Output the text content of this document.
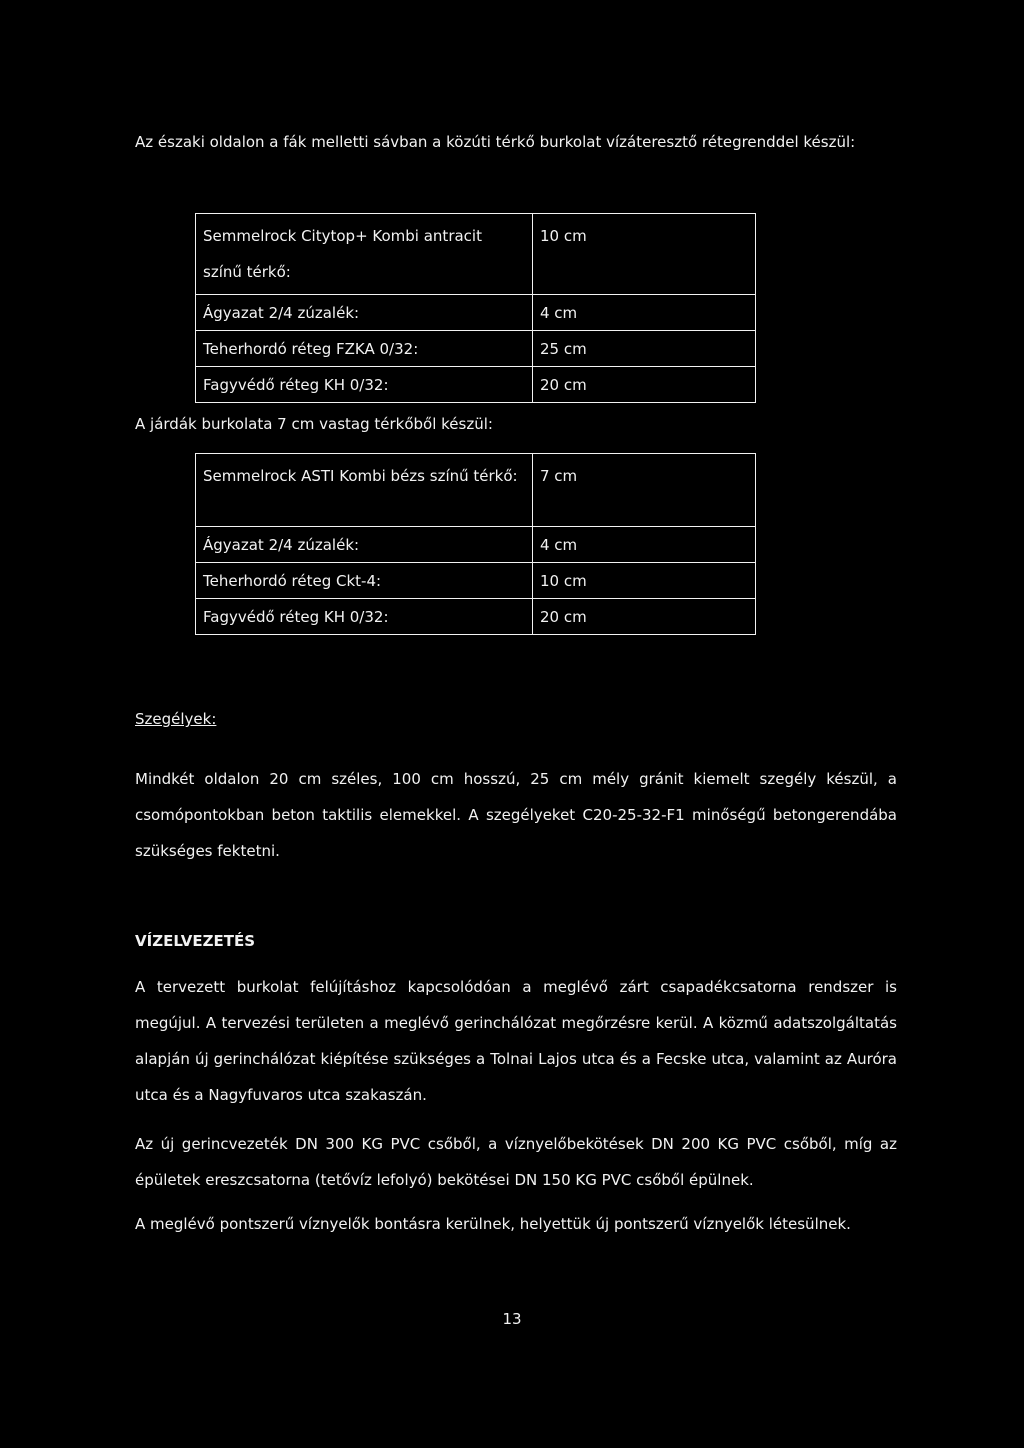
Az északi oldalon a fák melletti sávban a közúti térkő burkolat vízáteresztő rétegrenddel készül:

Semmelrock Citytop+ Kombi antracit színű térkő:	10 cm
Ágyazat 2/4 zúzalék:	4 cm
Teherhordó réteg FZKA 0/32:	25 cm
Fagyvédő réteg KH 0/32:	20 cm

A járdák burkolata 7 cm vastag térkőből készül:

Semmelrock ASTI Kombi bézs színű térkő:	7 cm
Ágyazat 2/4 zúzalék:	4 cm
Teherhordó réteg Ckt-4:	10 cm
Fagyvédő réteg KH 0/32:	20 cm

Szegélyek:

Mindkét oldalon 20 cm széles, 100 cm hosszú, 25 cm mély gránit kiemelt szegély készül, a csomópontokban beton taktilis elemekkel. A szegélyeket C20-25-32-F1 minőségű betongerendába szükséges fektetni.

VÍZELVEZETÉS

A tervezett burkolat felújításhoz kapcsolódóan a meglévő zárt csapadékcsatorna rendszer is megújul. A tervezési területen a meglévő gerinchálózat megőrzésre kerül. A közmű adatszolgáltatás alapján új gerinchálózat kiépítése szükséges a Tolnai Lajos utca és a Fecske utca, valamint az Auróra utca és a Nagyfuvaros utca szakaszán.

Az új gerincvezeték DN 300 KG PVC csőből, a víznyelőbekötések DN 200 KG PVC csőből, míg az épületek ereszcsatorna (tetővíz lefolyó) bekötései DN 150 KG PVC csőből épülnek.

A meglévő pontszerű víznyelők bontásra kerülnek, helyettük új pontszerű víznyelők létesülnek.

13
